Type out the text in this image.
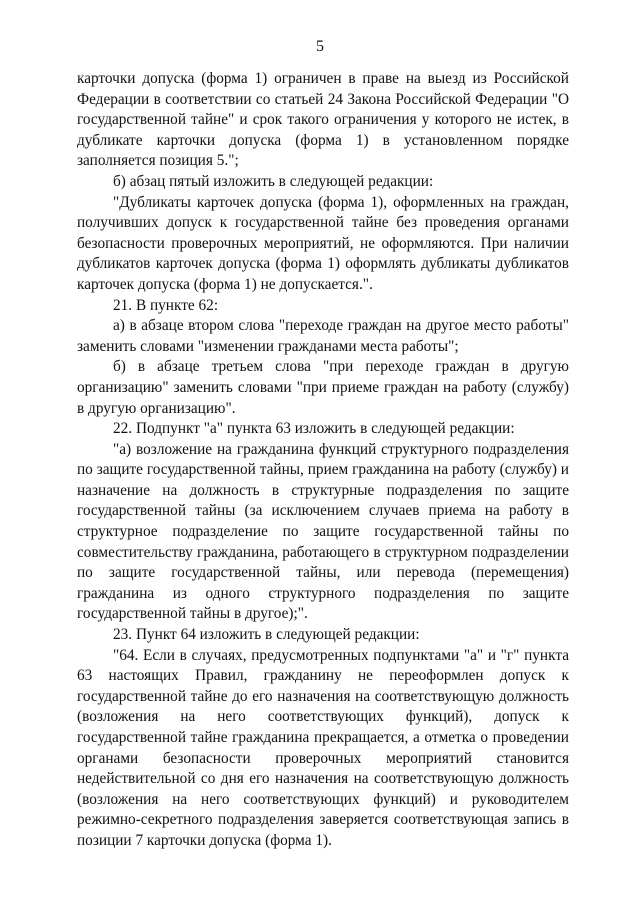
5

карточки допуска (форма 1) ограничен в праве на выезд из Российской Федерации в соответствии со статьей 24 Закона Российской Федерации "О государственной тайне" и срок такого ограничения у которого не истек, в дубликате карточки допуска (форма 1) в установленном порядке заполняется позиция 5.";

б) абзац пятый изложить в следующей редакции:

"Дубликаты карточек допуска (форма 1), оформленных на граждан, получивших допуск к государственной тайне без проведения органами безопасности проверочных мероприятий, не оформляются. При наличии дубликатов карточек допуска (форма 1) оформлять дубликаты дубликатов карточек допуска (форма 1) не допускается.".

21. В пункте 62:

а) в абзаце втором слова "переходе граждан на другое место работы" заменить словами "изменении гражданами места работы";

б) в абзаце третьем слова "при переходе граждан в другую организацию" заменить словами "при приеме граждан на работу (службу) в другую организацию".

22. Подпункт "а" пункта 63 изложить в следующей редакции:

"а) возложение на гражданина функций структурного подразделения по защите государственной тайны, прием гражданина на работу (службу) и назначение на должность в структурные подразделения по защите государственной тайны (за исключением случаев приема на работу в структурное подразделение по защите государственной тайны по совместительству гражданина, работающего в структурном подразделении по защите государственной тайны, или перевода (перемещения) гражданина из одного структурного подразделения по защите государственной тайны в другое);".

23. Пункт 64 изложить в следующей редакции:

"64. Если в случаях, предусмотренных подпунктами "а" и "г" пункта 63 настоящих Правил, гражданину не переоформлен допуск к государственной тайне до его назначения на соответствующую должность (возложения на него соответствующих функций), допуск к государственной тайне гражданина прекращается, а отметка о проведении органами безопасности проверочных мероприятий становится недействительной со дня его назначения на соответствующую должность (возложения на него соответствующих функций) и руководителем режимно-секретного подразделения заверяется соответствующая запись в позиции 7 карточки допуска (форма 1).
